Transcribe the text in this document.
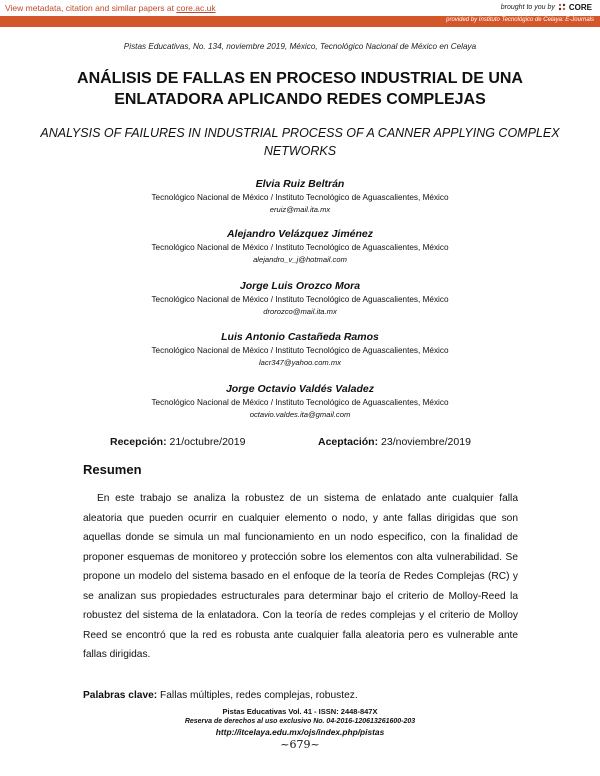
View metadata, citation and similar papers at core.ac.uk	brought to you by CORE
provided by Instituto Tecnológico de Celaya: E-Journals
Pistas Educativas, No. 134, noviembre 2019, México, Tecnológico Nacional de México en Celaya
ANÁLISIS DE FALLAS EN PROCESO INDUSTRIAL DE UNA ENLATADORA APLICANDO REDES COMPLEJAS
ANALYSIS OF FAILURES IN INDUSTRIAL PROCESS OF A CANNER APPLYING COMPLEX NETWORKS
Elvia Ruiz Beltrán
Tecnológico Nacional de México / Instituto Tecnológico de Aguascalientes, México
eruiz@mail.ita.mx
Alejandro Velázquez Jiménez
Tecnológico Nacional de México / Instituto Tecnológico de Aguascalientes, México
alejandro_v_j@hotmail.com
Jorge Luis Orozco Mora
Tecnológico Nacional de México / Instituto Tecnológico de Aguascalientes, México
drorozco@mail.ita.mx
Luis Antonio Castañeda Ramos
Tecnológico Nacional de México / Instituto Tecnológico de Aguascalientes, México
lacr347@yahoo.com.mx
Jorge Octavio Valdés Valadez
Tecnológico Nacional de México / Instituto Tecnológico de Aguascalientes, México
octavio.valdes.ita@gmail.com
Recepción: 21/octubre/2019	Aceptación: 23/noviembre/2019
Resumen

En este trabajo se analiza la robustez de un sistema de enlatado ante cualquier falla aleatoria que pueden ocurrir en cualquier elemento o nodo, y ante fallas dirigidas que son aquellas donde se simula un mal funcionamiento en un nodo especifico, con la finalidad de proponer esquemas de monitoreo y protección sobre los elementos con alta vulnerabilidad. Se propone un modelo del sistema basado en el enfoque de la teoría de Redes Complejas (RC) y se analizan sus propiedades estructurales para determinar bajo el criterio de Molloy-Reed la robustez del sistema de la enlatadora. Con la teoría de redes complejas y el criterio de Molloy Reed se encontró que la red es robusta ante cualquier falla aleatoria pero es vulnerable ante fallas dirigidas.

Palabras clave: Fallas múltiples, redes complejas, robustez.
Pistas Educativas Vol. 41 - ISSN: 2448-847X
Reserva de derechos al uso exclusivo No. 04-2016-120613261600-203
http://itcelaya.edu.mx/ojs/index.php/pistas
~679~
